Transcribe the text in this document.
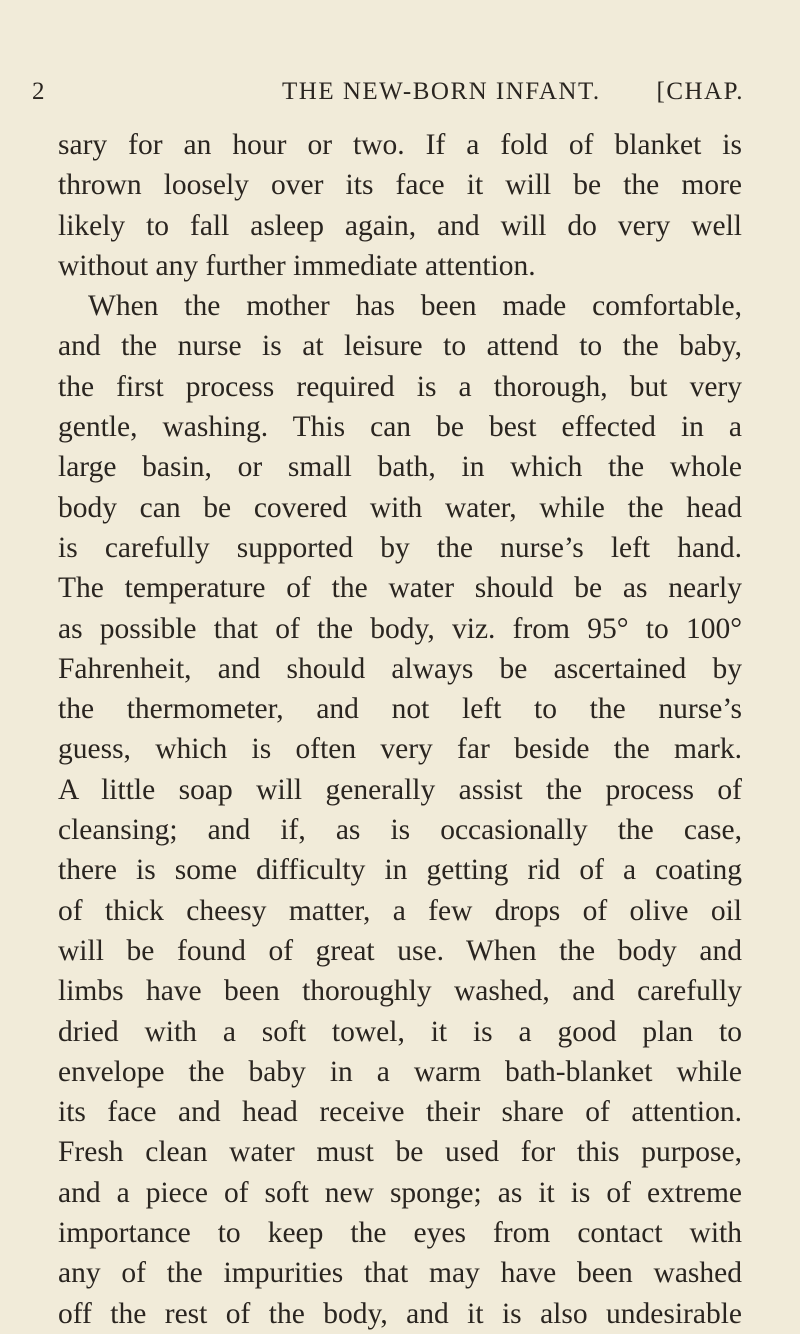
2	THE NEW-BORN INFANT. [CHAP.
sary for an hour or two. If a fold of blanket is
thrown loosely over its face it will be the more
likely to fall asleep again, and will do very well
without any further immediate attention.
When the mother has been made comfortable,
and the nurse is at leisure to attend to the baby,
the first process required is a thorough, but very
gentle, washing. This can be best effected in a
large basin, or small bath, in which the whole
body can be covered with water, while the head
is carefully supported by the nurse’s left hand.
The temperature of the water should be as nearly
as possible that of the body, viz. from 95° to 100°
Fahrenheit, and should always be ascertained by
the thermometer, and not left to the nurse’s
guess, which is often very far beside the mark.
A little soap will generally assist the process of
cleansing; and if, as is occasionally the case,
there is some difficulty in getting rid of a coating
of thick cheesy matter, a few drops of olive oil
will be found of great use. When the body and
limbs have been thoroughly washed, and carefully
dried with a soft towel, it is a good plan to
envelope the baby in a warm bath-blanket while
its face and head receive their share of attention.
Fresh clean water must be used for this purpose,
and a piece of soft new sponge; as it is of extreme
importance to keep the eyes from contact with
any of the impurities that may have been washed
off the rest of the body, and it is also undesirable
